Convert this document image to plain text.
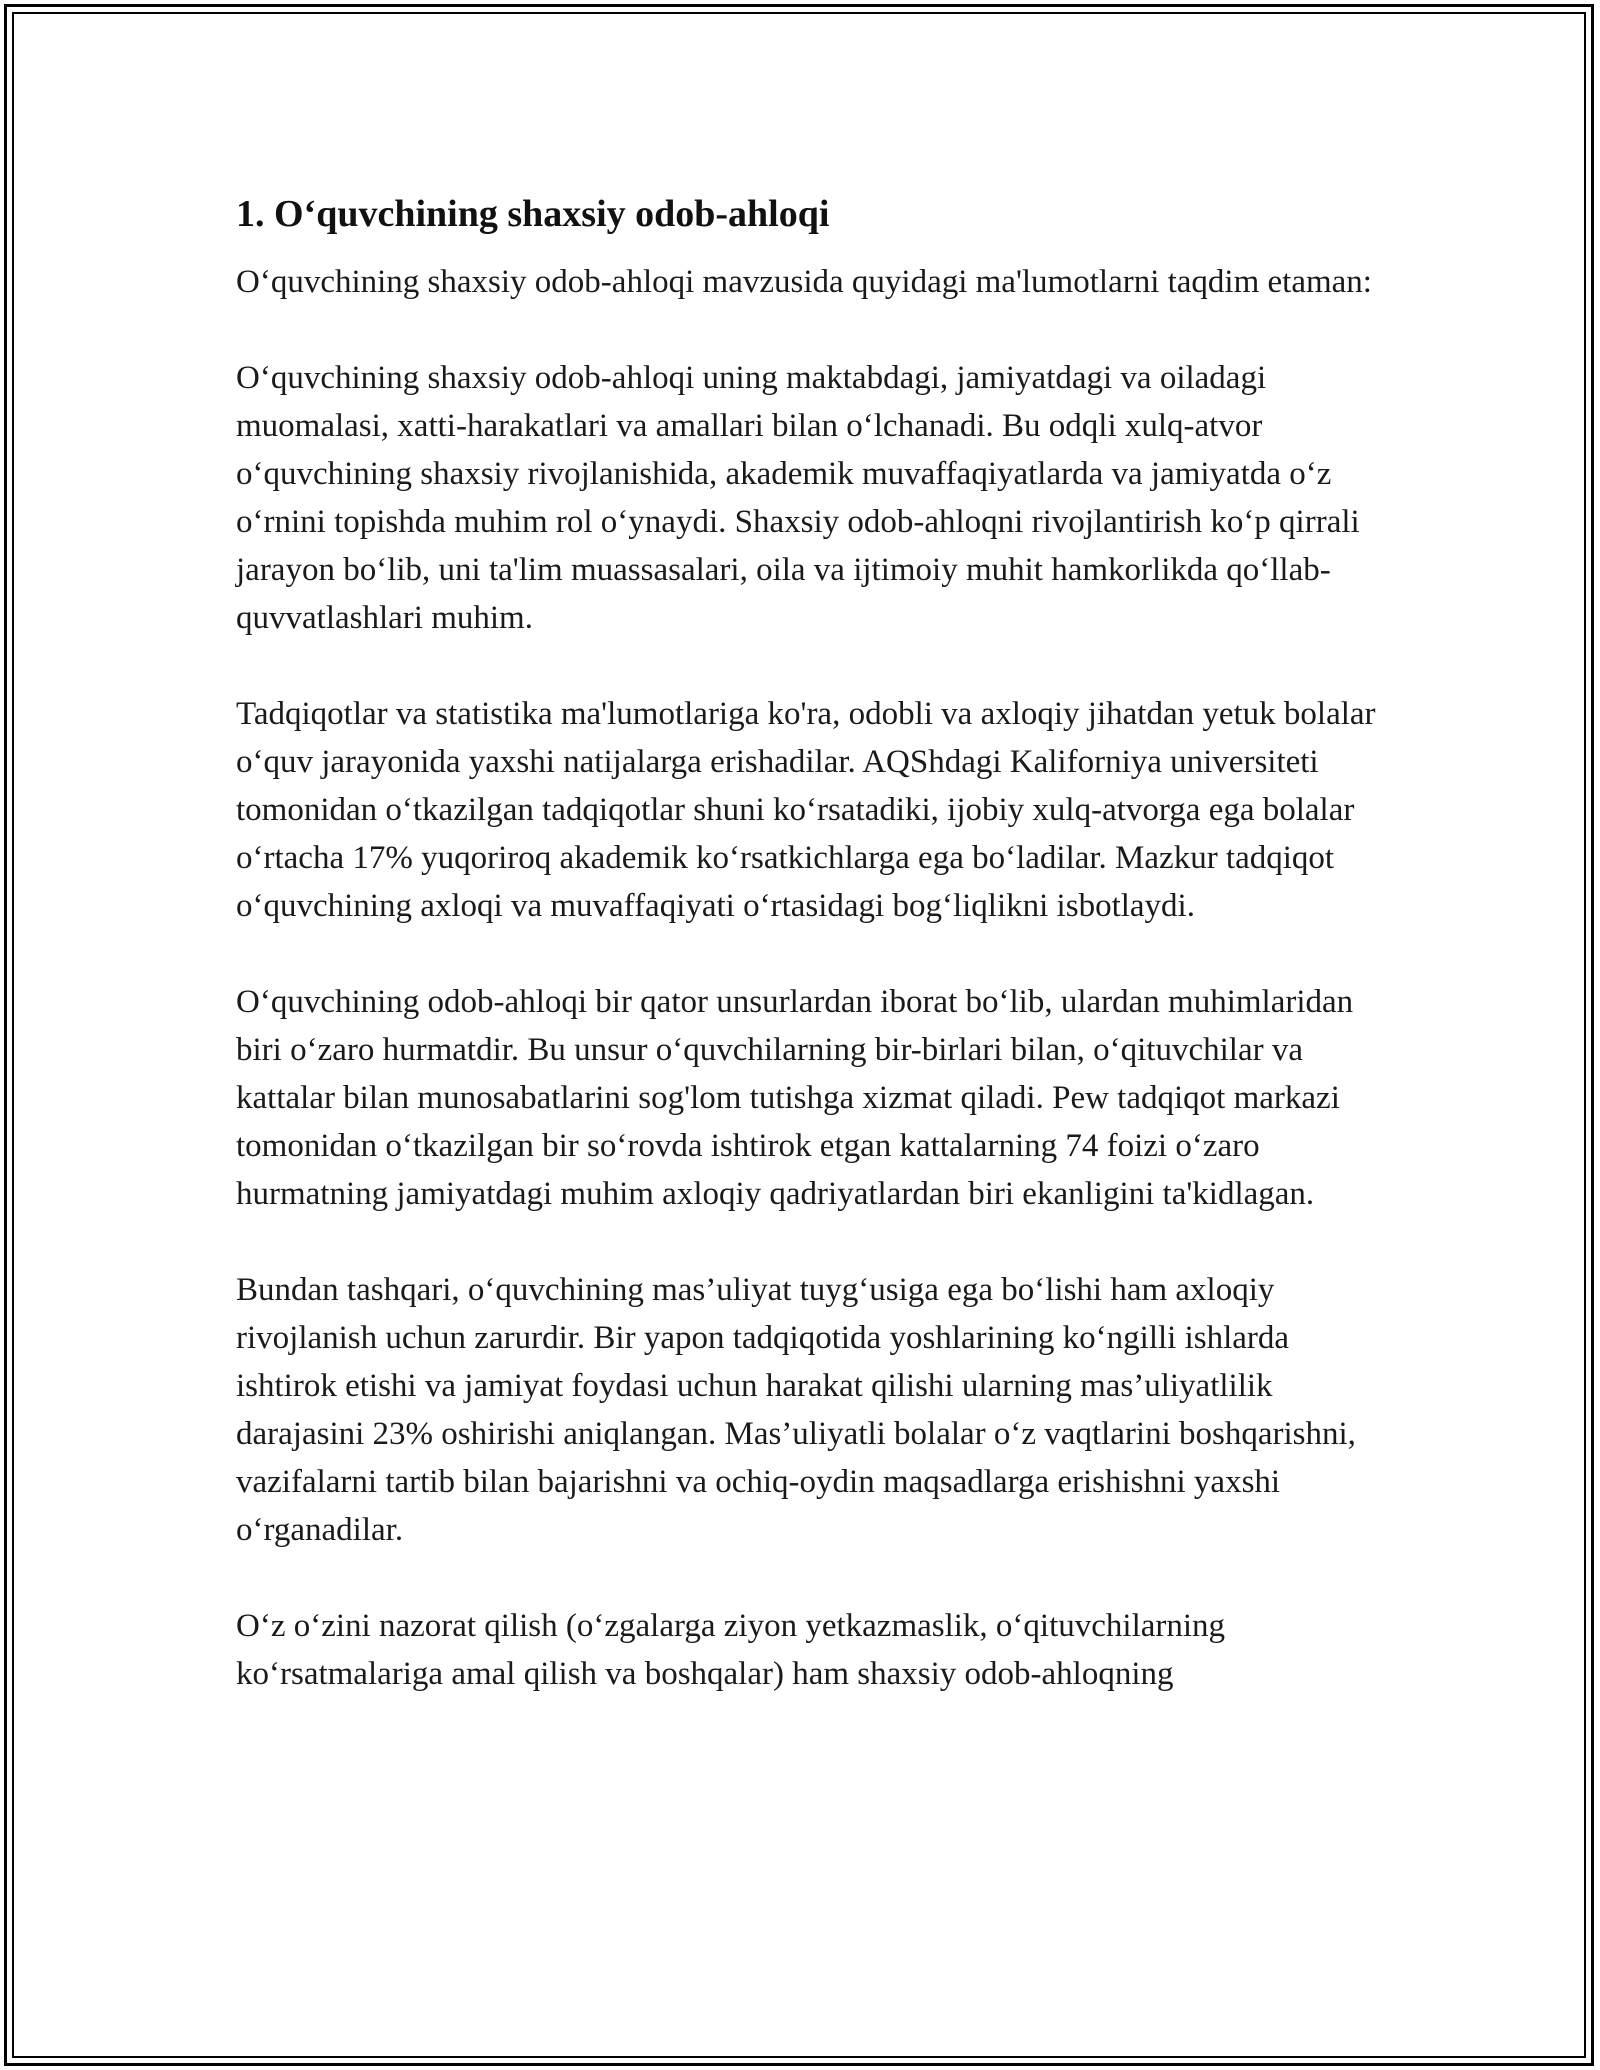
1. O‘quvchining shaxsiy odob-ahloqi

O‘quvchining shaxsiy odob-ahloqi mavzusida quyidagi ma'lumotlarni taqdim etaman:

O‘quvchining shaxsiy odob-ahloqi uning maktabdagi, jamiyatdagi va oiladagi muomalasi, xatti-harakatlari va amallari bilan o‘lchanadi. Bu odqli xulq-atvor o‘quvchining shaxsiy rivojlanishida, akademik muvaffaqiyatlarda va jamiyatda o‘z o‘rnini topishda muhim rol o‘ynaydi. Shaxsiy odob-ahloqni rivojlantirish ko‘p qirrali jarayon bo‘lib, uni ta'lim muassasalari, oila va ijtimoiy muhit hamkorlikda qo‘llab-quvvatlashlari muhim.

Tadqiqotlar va statistika ma'lumotlariga ko'ra, odobli va axloqiy jihatdan yetuk bolalar o‘quv jarayonida yaxshi natijalarga erishadilar. AQShdagi Kaliforniya universiteti tomonidan o‘tkazilgan tadqiqotlar shuni ko‘rsatadiki, ijobiy xulq-atvorga ega bolalar o‘rtacha 17% yuqoriroq akademik ko‘rsatkichlarga ega bo‘ladilar. Mazkur tadqiqot o‘quvchining axloqi va muvaffaqiyati o‘rtasidagi bog‘liqlikni isbotlaydi.

O‘quvchining odob-ahloqi bir qator unsurlardan iborat bo‘lib, ulardan muhimlaridan biri o‘zaro hurmatdir. Bu unsur o‘quvchilarning bir-birlari bilan, o‘qituvchilar va kattalar bilan munosabatlarini sog'lom tutishga xizmat qiladi. Pew tadqiqot markazi tomonidan o‘tkazilgan bir so‘rovda ishtirok etgan kattalarning 74 foizi o‘zaro hurmatning jamiyatdagi muhim axloqiy qadriyatlardan biri ekanligini ta'kidlagan.

Bundan tashqari, o‘quvchining mas’uliyat tuyg‘usiga ega bo‘lishi ham axloqiy rivojlanish uchun zarurdir. Bir yapon tadqiqotida yoshlarining ko‘ngilli ishlarda ishtirok etishi va jamiyat foydasi uchun harakat qilishi ularning mas’uliyatlilik darajasini 23% oshirishi aniqlangan. Mas’uliyatli bolalar o‘z vaqtlarini boshqarishni, vazifalarni tartib bilan bajarishni va ochiq-oydin maqsadlarga erishishni yaxshi o‘rganadilar.

O‘z o‘zini nazorat qilish (o‘zgalarga ziyon yetkazmaslik, o‘qituvchilarning ko‘rsatmalariga amal qilish va boshqalar) ham shaxsiy odob-ahloqning
